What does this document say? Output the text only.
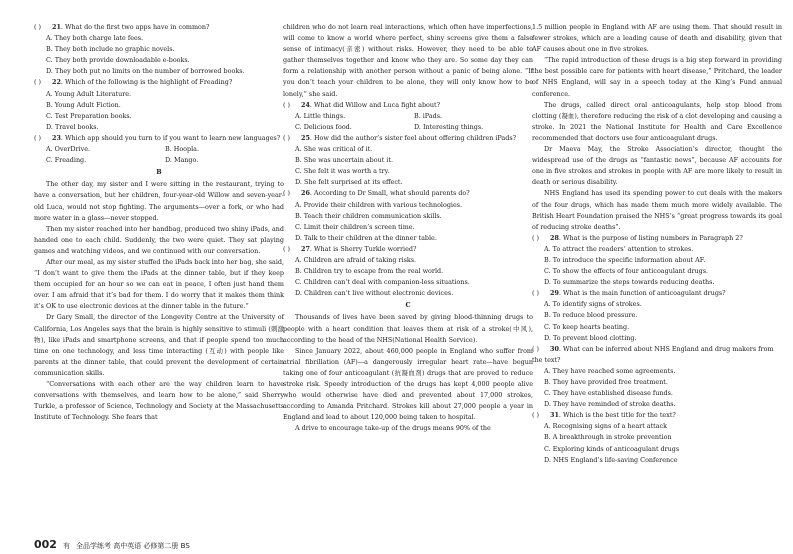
( ) 21. What do the first two apps have in common?

A. They both charge late fees.

B. They both include no graphic novels.

C. They both provide downloadable e-books.

D. They both put no limits on the number of borrowed books.

( ) 22. Which of the following is the highlight of Freading?

A. Young Adult Literature.

B. Young Adult Fiction.

C. Test Preparation books.

D. Travel books.

( ) 23. Which app should you turn to if you want to learn new languages?

A. OverDrive.	B. Hoopla.

C. Freading.	D. Mango.

B

The other day, my sister and I were sitting in the restaurant, trying to have a conversation, but her children, four-year-old Willow and seven-year-old Luca, would not stop fighting. The arguments—over a fork, or who had more water in a glass—never stopped.

Then my sister reached into her handbag, produced two shiny iPads, and handed one to each child. Suddenly, the two were quiet. They sat playing games and watching videos, and we continued with our conversation.

After our meal, as my sister stuffed the iPads back into her bag, she said, “I don’t want to give them the iPads at the dinner table, but if they keep them occupied for an hour so we can eat in peace, I often just hand them over. I am afraid that it’s bad for them. I do worry that it makes them think it’s OK to use electronic devices at the dinner table in the future.”

Dr Gary Small, the director of the Longevity Centre at the University of California, Los Angeles says that the brain is highly sensitive to stimuli (刺激物), like iPads and smartphone screens, and that if people spend too much time on one technology, and less time interacting (互动) with people like parents at the dinner table, that could prevent the development of certain communication skills.

“Conversations with each other are the way children learn to have conversations with themselves, and learn how to be alone,” said Sherry Turkle, a professor of Science, Technology and Society at the Massachusetts Institute of Technology. She fears that

children who do not learn real interactions, which often have imperfections, will come to know a world where perfect, shiny screens give them a false sense of intimacy(亲密) without risks. However, they need to be able to gather themselves together and know who they are. So some day they can form a relationship with another person without a panic of being alone. “If you don’t teach your children to be alone, they will only know how to be lonely,” she said.

( ) 24. What did Willow and Luca fight about?

A. Little things.	B. iPads.

C. Delicious food.	D. Interesting things.

( ) 25. How did the author’s sister feel about offering children iPads?

A. She was critical of it.

B. She was uncertain about it.

C. She felt it was worth a try.

D. She felt surprised at its effect.

( ) 26. According to Dr Small, what should parents do?

A. Provide their children with various technologies.

B. Teach their children communication skills.

C. Limit their children’s screen time.

D. Talk to their children at the dinner table.

( ) 27. What is Sherry Turkle worried?

A. Children are afraid of taking risks.

B. Children try to escape from the real world.

C. Children can’t deal with companion-less situations.

D. Children can’t live without electronic devices.

C

Thousands of lives have been saved by giving blood-thinning drugs to people with a heart condition that leaves them at risk of a stroke(中风), according to the head of the NHS(National Health Service).

Since January 2022, about 460,000 people in England who suffer from atrial fibrillation (AF)—a dangerously irregular heart rate—have begun taking one of four anticoagulant (抗凝血剂) drugs that are proved to reduce stroke risk. Speedy introduction of the drugs has kept 4,000 people alive who would otherwise have died and prevented about 17,000 strokes, according to Amanda Pritchard. Strokes kill about 27,000 people a year in England and lead to about 120,000 being taken to hospital.

A drive to encourage take-up of the drugs means 90% of the

1.5 million people in England with AF are using them. That should result in fewer strokes, which are a leading cause of death and disability, given that AF causes about one in five strokes.

“The rapid introduction of these drugs is a big step forward in providing the best possible care for patients with heart disease,” Pritchard, the leader of NHS England, will say in a speech today at the King’s Fund annual conference.

The drugs, called direct oral anticoagulants, help stop blood from clotting (凝血), therefore reducing the risk of a clot developing and causing a stroke. In 2021 the National Institute for Health and Care Excellence recommended that doctors use four anticoagulant drugs.

Dr Maeva May, the Stroke Association’s director, thought the widespread use of the drugs as “fantastic news”, because AF accounts for one in five strokes and strokes in people with AF are more likely to result in death or serious disability.

NHS England has used its spending power to cut deals with the makers of the four drugs, which has made them much more widely available. The British Heart Foundation praised the NHS’s “great progress towards its goal of reducing stroke deaths”.

( ) 28. What is the purpose of listing numbers in Paragraph 2?

A. To attract the readers’ attention to strokes.

B. To introduce the specific information about AF.

C. To show the effects of four anticoagulant drugs.

D. To summarize the steps towards reducing deaths.

( ) 29. What is the main function of anticoagulant drugs?

A. To identify signs of strokes.

B. To reduce blood pressure.

C. To keep hearts beating.

D. To prevent blood clotting.

( ) 30. What can be inferred about NHS England and drug makers from the text?

A. They have reached some agreements.

B. They have provided free treatment.

C. They have established disease funds.

D. They have reminded of stroke deaths.

( ) 31. Which is the best title for the text?

A. Recognising signs of a heart attack

B. A breakthrough in stroke prevention

C. Exploring kinds of anticoagulant drugs

D. NHS England’s life-saving Conference

002 有 全品学练考 高中英语 必修第二册 BS
